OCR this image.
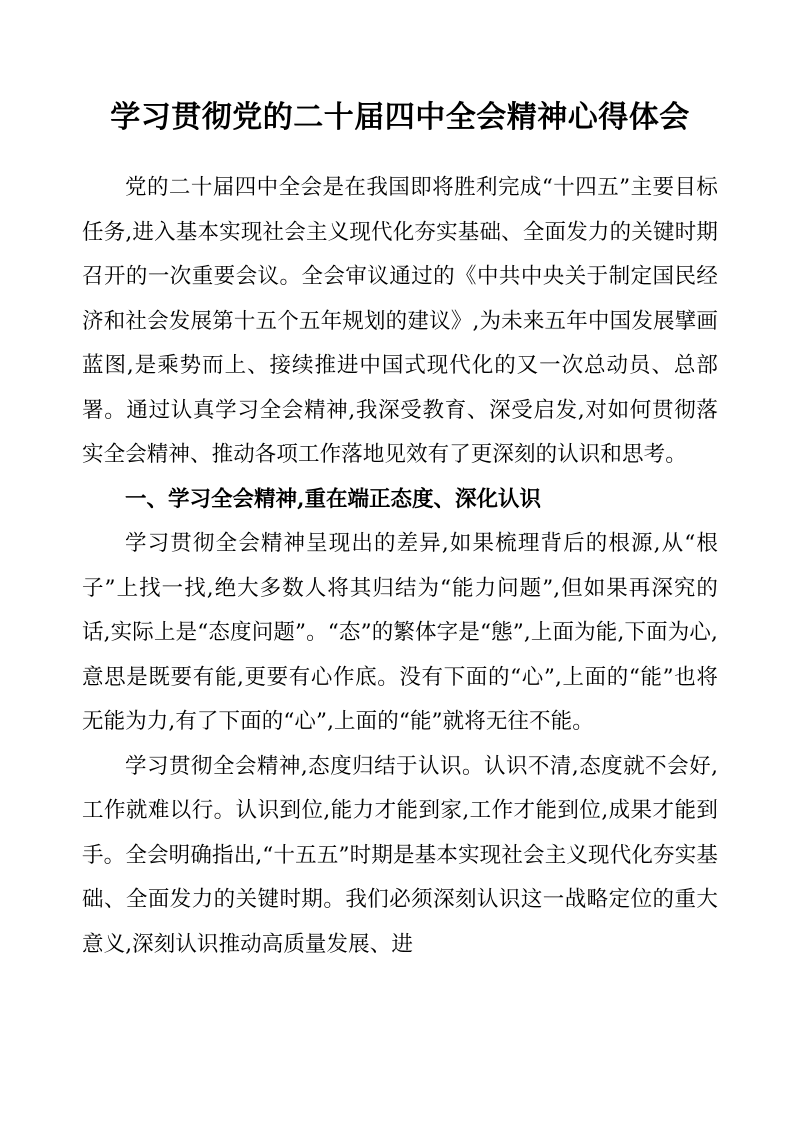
学习贯彻党的二十届四中全会精神心得体会

党的二十届四中全会是在我国即将胜利完成“十四五”主要目标任务,进入基本实现社会主义现代化夯实基础、全面发力的关键时期召开的一次重要会议。全会审议通过的《中共中央关于制定国民经济和社会发展第十五个五年规划的建议》,为未来五年中国发展擘画蓝图,是乘势而上、接续推进中国式现代化的又一次总动员、总部署。通过认真学习全会精神,我深受教育、深受启发,对如何贯彻落实全会精神、推动各项工作落地见效有了更深刻的认识和思考。

一、学习全会精神,重在端正态度、深化认识

学习贯彻全会精神呈现出的差异,如果梳理背后的根源,从“根子”上找一找,绝大多数人将其归结为“能力问题”,但如果再深究的话,实际上是“态度问题”。“态”的繁体字是“態”,上面为能,下面为心,意思是既要有能,更要有心作底。没有下面的“心”,上面的“能”也将无能为力,有了下面的“心”,上面的“能”就将无往不能。

学习贯彻全会精神,态度归结于认识。认识不清,态度就不会好,工作就难以行。认识到位,能力才能到家,工作才能到位,成果才能到手。全会明确指出,“十五五”时期是基本实现社会主义现代化夯实基础、全面发力的关键时期。我们必须深刻认识这一战略定位的重大意义,深刻认识推动高质量发展、进
